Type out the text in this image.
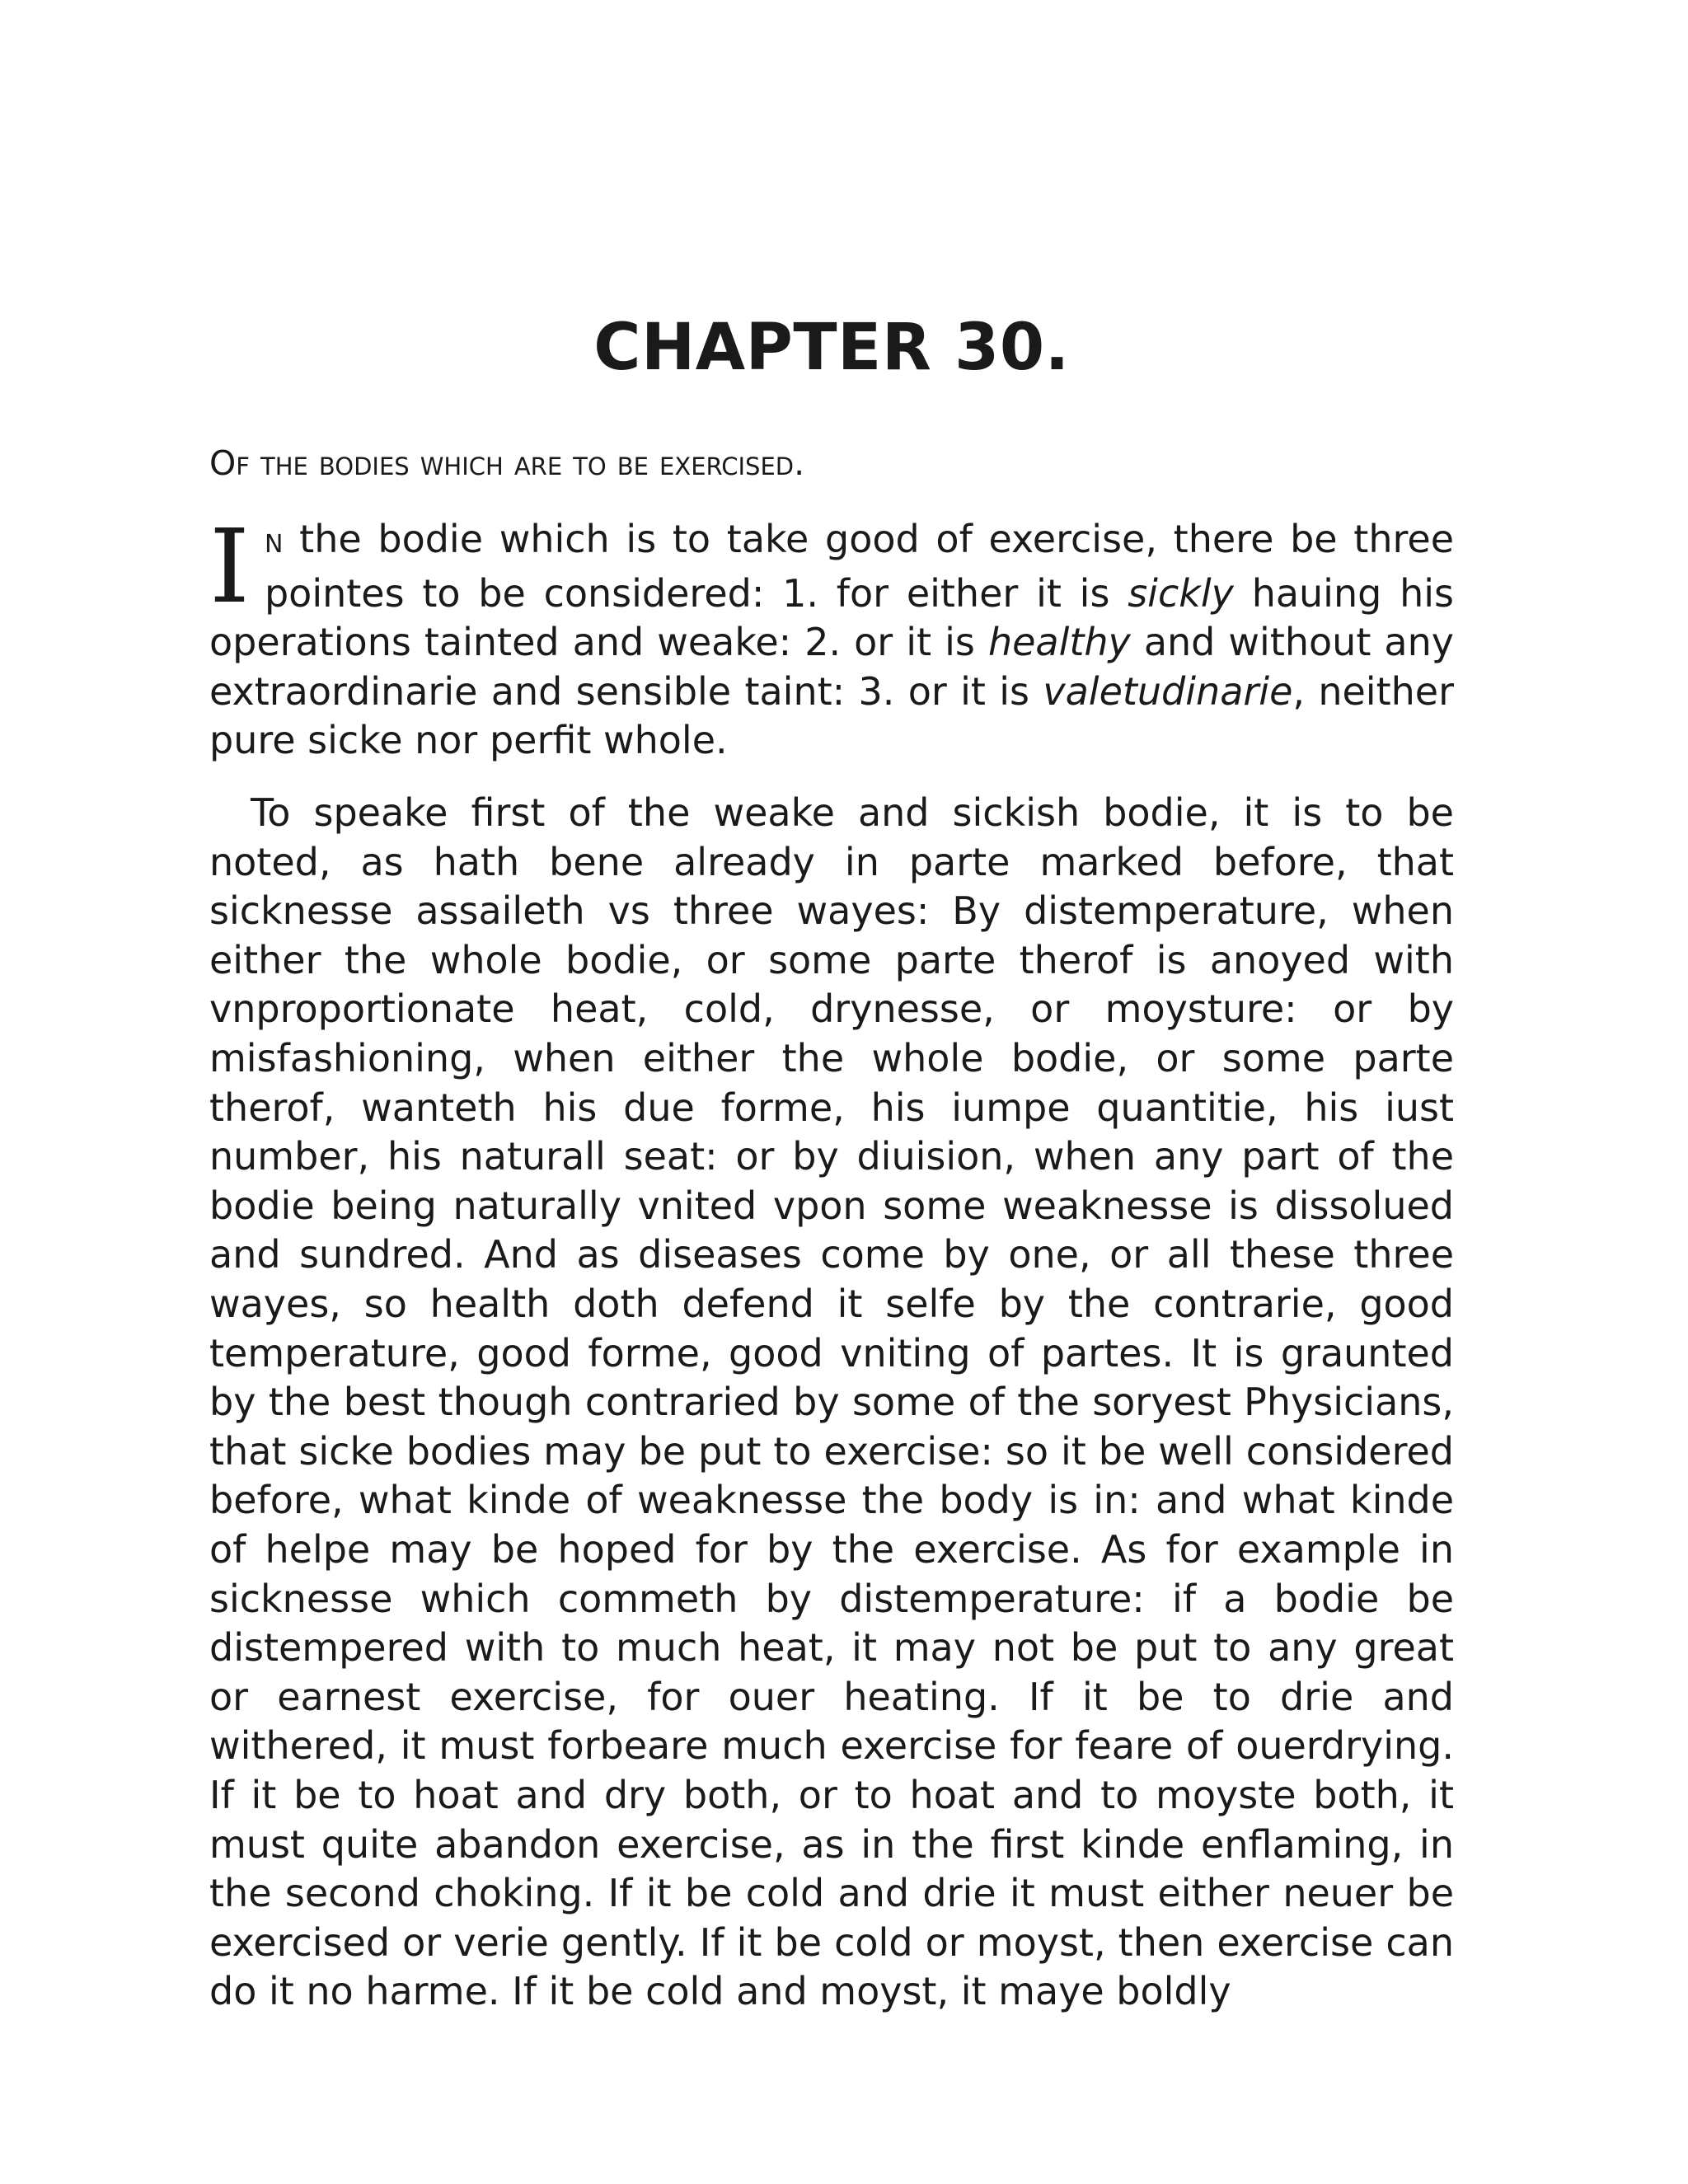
CHAPTER 30.
Of the bodies which are to be exercised.

IN the bodie which is to take good of exercise, there be three pointes to be considered: 1. for either it is sickly hauing his operations tainted and weake: 2. or it is healthy and without any extraordinarie and sensible taint: 3. or it is valetudinarie, neither pure sicke nor perfit whole.

To speake first of the weake and sickish bodie, it is to be noted, as hath bene already in parte marked before, that sicknesse assaileth vs three wayes: By distemperature, when either the whole bodie, or some parte therof is anoyed with vnproportionate heat, cold, drynesse, or moysture: or by misfashioning, when either the whole bodie, or some parte therof, wanteth his due forme, his iumpe quantitie, his iust number, his naturall seat: or by diuision, when any part of the bodie being naturally vnited vpon some weaknesse is dissolued and sundred. And as diseases come by one, or all these three wayes, so health doth defend it selfe by the contrarie, good temperature, good forme, good vniting of partes. It is graunted by the best though contraried by some of the soryest Physicians, that sicke bodies may be put to exercise: so it be well considered before, what kinde of weaknesse the body is in: and what kinde of helpe may be hoped for by the exercise. As for example in sicknesse which commeth by distemperature: if a bodie be distempered with to much heat, it may not be put to any great or earnest exercise, for ouer heating. If it be to drie and withered, it must forbeare much exercise for feare of ouerdrying. If it be to hoat and dry both, or to hoat and to moyste both, it must quite abandon exercise, as in the first kinde enflaming, in the second choking. If it be cold and drie it must either neuer be exercised or verie gently. If it be cold or moyst, then exercise can do it no harme. If it be cold and moyst, it maye boldly
